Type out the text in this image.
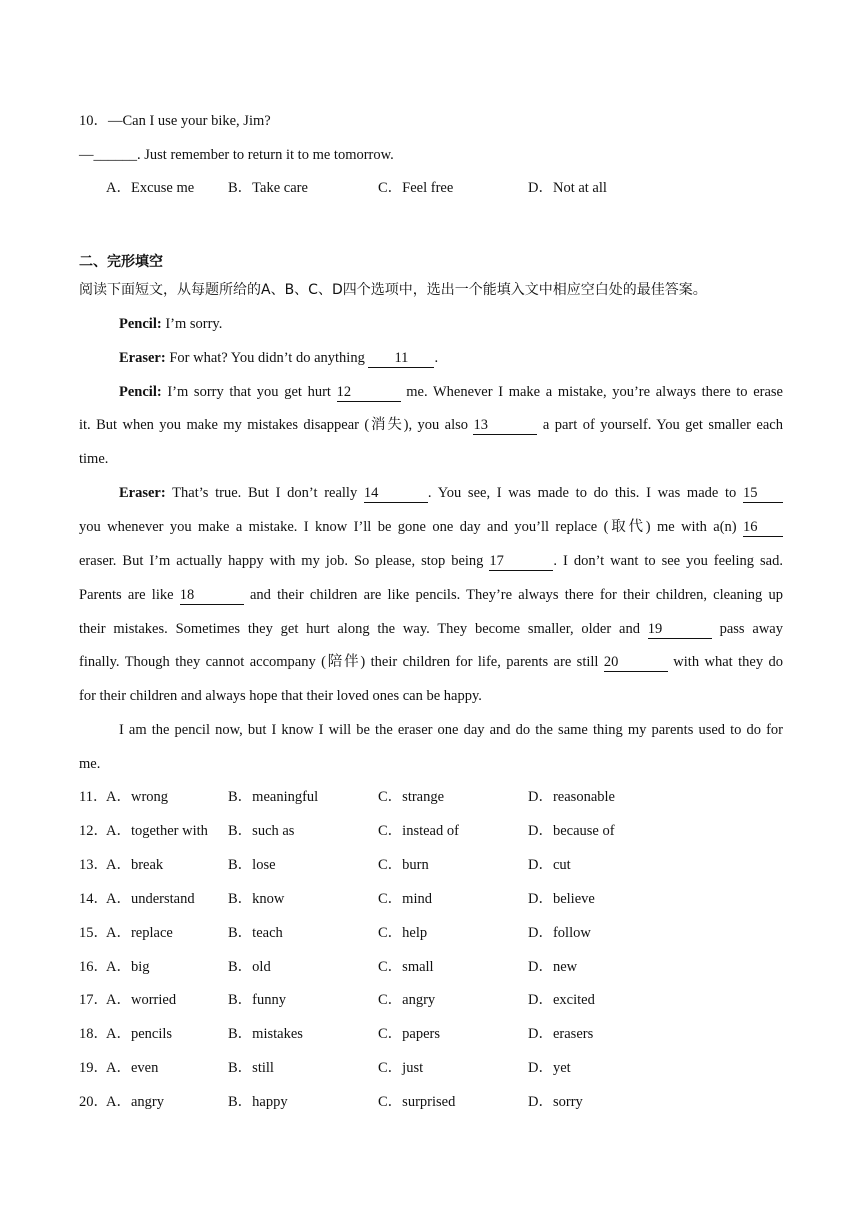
10．—Can I use your bike, Jim?
—______. Just remember to return it to me tomorrow.
A．Excuse me B．Take care	C．Feel free	D．Not at all
二、完形填空
阅读下面短文，从每题所给的A、B、C、D四个选项中，选出一个能填入文中相应空白处的最佳答案。
Pencil: I’m sorry.
Eraser: For what? You didn’t do anything 11 .
Pencil: I’m sorry that you get hurt 12	me. Whenever I make a mistake, you’re always there to erase
it. But when you make my mistakes disappear (消失), you also 13	a part of yourself. You get smaller each
time.
Eraser: That’s true. But I don’t really 14	. You see, I was made to do this. I was made to 15
you whenever you make a mistake. I know I’ll be gone one day and you’ll replace (取代) me with a(n) 16
eraser. But I’m actually happy with my job. So please, stop being 17	. I don’t want to see you feeling sad.
Parents are like 18	and their children are like pencils. They’re always there for their children, cleaning up
their mistakes. Sometimes they get hurt along the way. They become smaller, older and 19	pass away
finally. Though they cannot accompany (陪伴) their children for life, parents are still 20	with what they do
for their children and always hope that their loved ones can be happy.
I am the pencil now, but I know I will be the eraser one day and do the same thing my parents used to do for
me.
11．
A．wrong	B．meaningful	C．strange	D．reasonable
12．
A．together with B．such as	C．instead of	D．because of
13．
A．break	B．lose	C．burn	D．cut
14．
A．understand B．know	C．mind	D．believe
15．
A．replace	B．teach	C．help	D．follow
16．
A．big	B．old	C．small	D．new
17．
A．worried	B．funny	C．angry	D．excited
18．
A．pencils	B．mistakes	C．papers	D．erasers
19．
A．even	B．still	C．just	D．yet
20．
A．angry	B．happy	C．surprised	D．sorry
